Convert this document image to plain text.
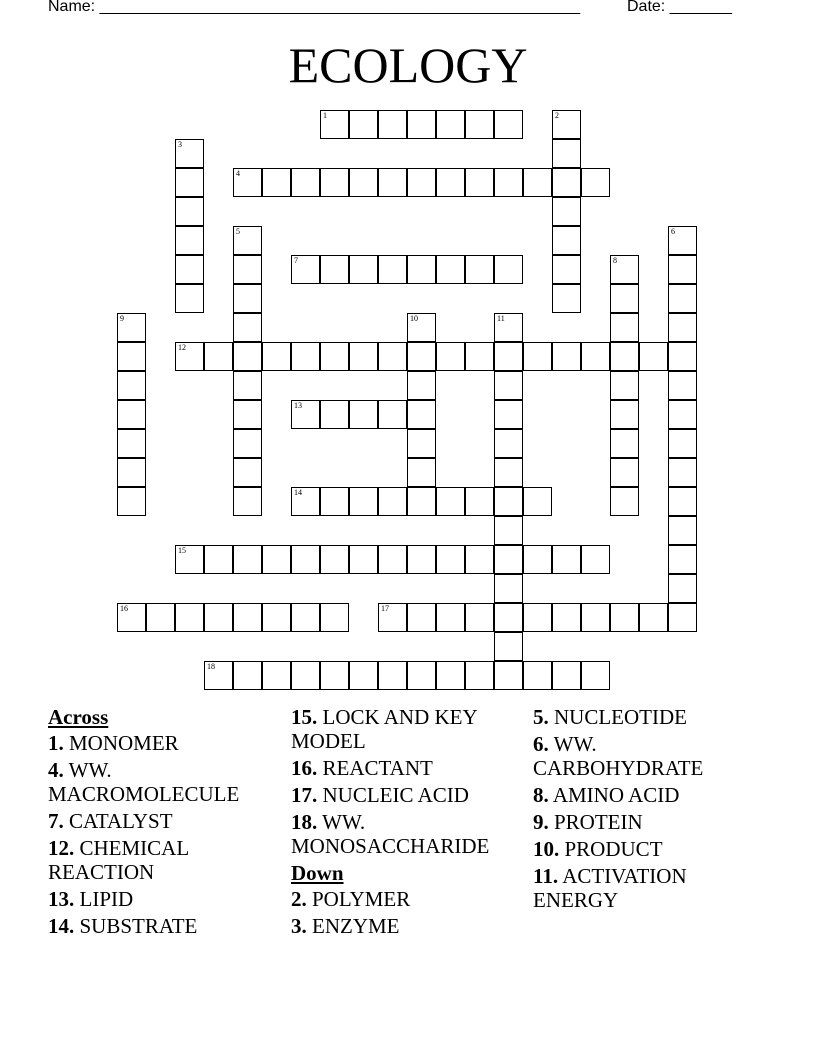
Name: ______________________________________________________	Date: _______
ECOLOGY
1	2
3
4
5	6
7	8
9	10	11
12
13
14
15
16	17
18
Across
1. MONOMER
4. WW. MACROMOLECULE
7. CATALYST
12. CHEMICAL REACTION
13. LIPID
14. SUBSTRATE
15. LOCK AND KEY MODEL
16. REACTANT
17. NUCLEIC ACID
18. WW. MONOSACCHARIDE
Down
2. POLYMER
3. ENZYME
5. NUCLEOTIDE
6. WW. CARBOHYDRATE
8. AMINO ACID
9. PROTEIN
10. PRODUCT
11. ACTIVATION ENERGY
